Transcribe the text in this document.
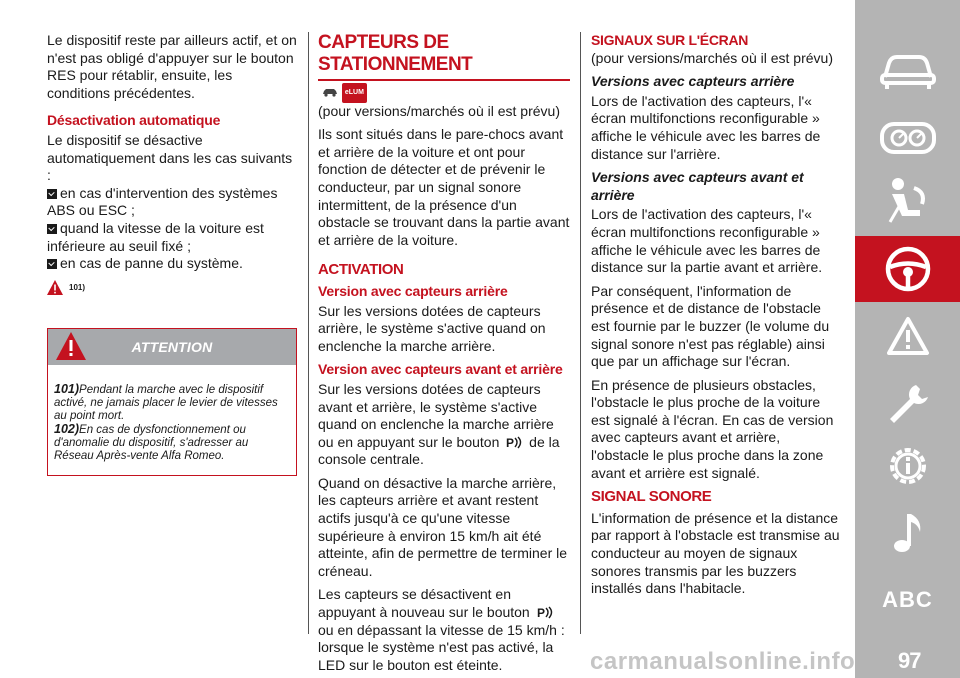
Le dispositif reste par ailleurs actif, et on n'est pas obligé d'appuyer sur le bouton RES pour rétablir, ensuite, les conditions précédentes.

Désactivation automatique

Le dispositif se désactive automatiquement dans les cas suivants :

en cas d'intervention des systèmes ABS ou ESC ;
quand la vitesse de la voiture est inférieure au seuil fixé ;
en cas de panne du système.
101)
ATTENTION
101)Pendant la marche avec le dispositif activé, ne jamais placer le levier de vitesses au point mort.
102)En cas de dysfonctionnement ou d'anomalie du dispositif, s'adresser au Réseau Après-vente Alfa Romeo.
CAPTEURS DE STATIONNEMENT
eLUM

(pour versions/marchés où il est prévu)

Ils sont situés dans le pare-chocs avant et arrière de la voiture et ont pour fonction de détecter et de prévenir le conducteur, par un signal sonore intermittent, de la présence d'un obstacle se trouvant dans la partie avant et arrière de la voiture.

ACTIVATION
Version avec capteurs arrière

Sur les versions dotées de capteurs arrière, le système s'active quand on enclenche la marche arrière.

Version avec capteurs avant et arrière

Sur les versions dotées de capteurs avant et arrière, le système s'active quand on enclenche la marche arrière ou en appuyant sur le bouton P de la console centrale.

Quand on désactive la marche arrière, les capteurs arrière et avant restent actifs jusqu'à ce qu'une vitesse supérieure à environ 15 km/h ait été atteinte, afin de permettre de terminer le créneau.

Les capteurs se désactivent en appuyant à nouveau sur le bouton P
ou en dépassant la vitesse de 15 km/h : lorsque le système n'est pas activé, la LED sur le bouton est éteinte.

SIGNAUX SUR L'ÉCRAN

(pour versions/marchés où il est prévu)

Versions avec capteurs arrière

Lors de l'activation des capteurs, l'« écran multifonctions reconfigurable » affiche le véhicule avec les barres de distance sur l'arrière.

Versions avec capteurs avant et arrière

Lors de l'activation des capteurs, l'« écran multifonctions reconfigurable » affiche le véhicule avec les barres de distance sur la partie avant et arrière.

Par conséquent, l'information de présence et de distance de l'obstacle est fournie par le buzzer (le volume du signal sonore n'est pas réglable) ainsi que par un affichage sur l'écran.

En présence de plusieurs obstacles, l'obstacle le plus proche de la voiture est signalé à l'écran. En cas de version avec capteurs avant et arrière, l'obstacle le plus proche dans la zone avant et arrière est signalé.

SIGNAL SONORE

L'information de présence et la distance par rapport à l'obstacle est transmise au conducteur au moyen de signaux sonores transmis par les buzzers installés dans l'habitacle.	ABC
carmanualsonline.info 97
